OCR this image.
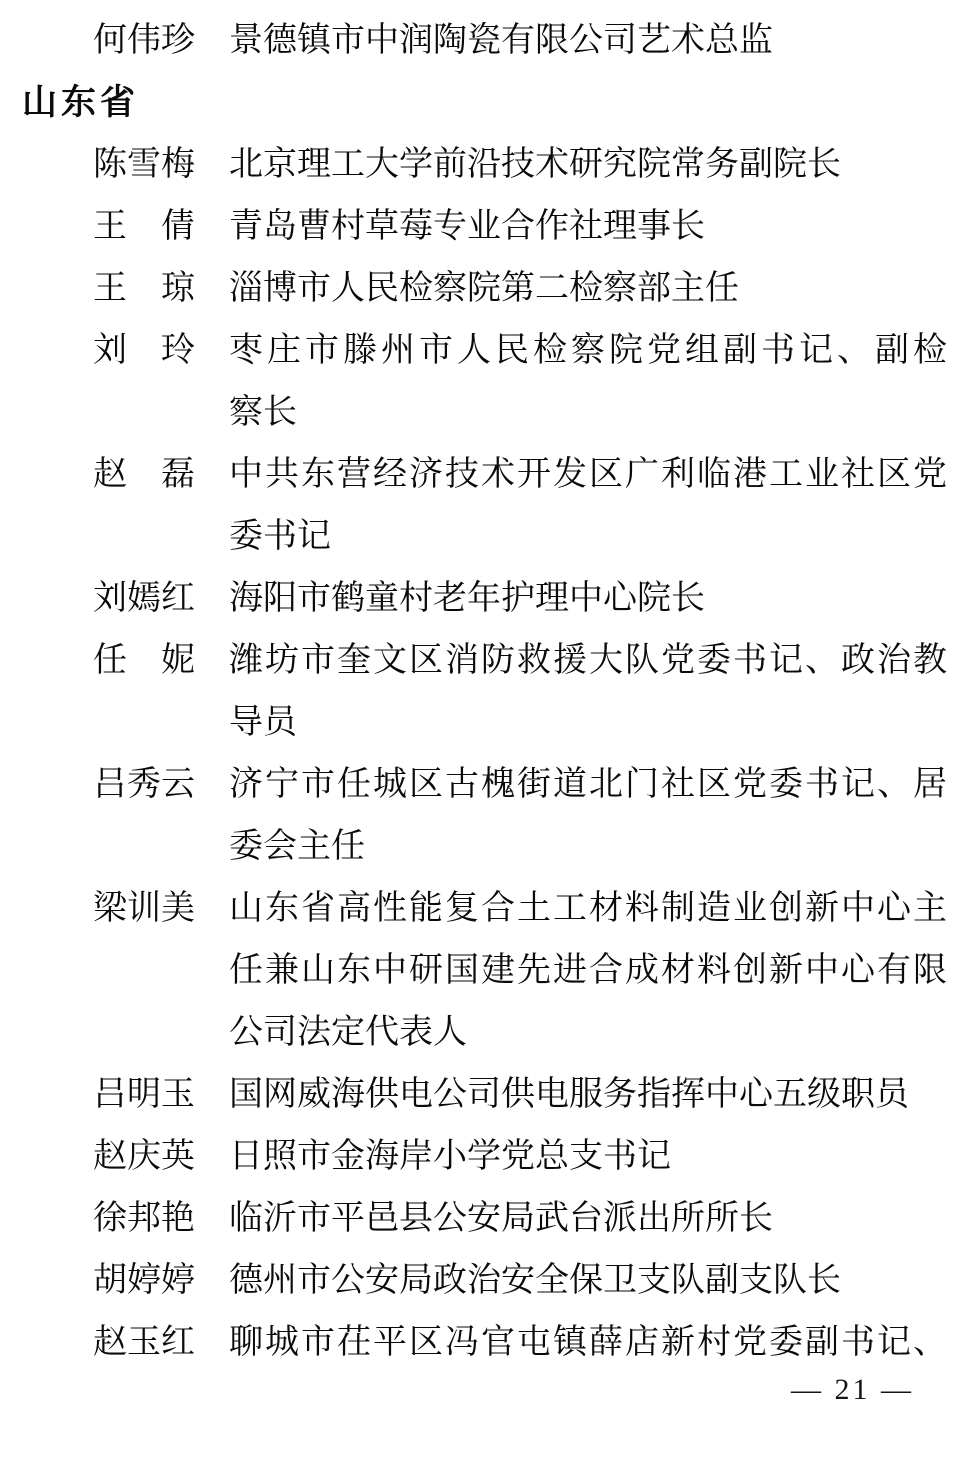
何伟珍 景德镇市中润陶瓷有限公司艺术总监
山东省
陈雪梅 北京理工大学前沿技术研究院常务副院长
王倩 青岛曹村草莓专业合作社理事长
王琼 淄博市人民检察院第二检察部主任
刘玲 枣庄市滕州市人民检察院党组副书记、副检
察长
赵磊 中共东营经济技术开发区广利临港工业社区党
委书记
刘嫣红 海阳市鹤童村老年护理中心院长
任妮 潍坊市奎文区消防救援大队党委书记、政治教
导员
吕秀云 济宁市任城区古槐街道北门社区党委书记、居
委会主任
梁训美 山东省高性能复合土工材料制造业创新中心主
任兼山东中研国建先进合成材料创新中心有限
公司法定代表人
吕明玉 国网威海供电公司供电服务指挥中心五级职员
赵庆英 日照市金海岸小学党总支书记
徐邦艳 临沂市平邑县公安局武台派出所所长
胡婷婷 德州市公安局政治安全保卫支队副支队长
赵玉红 聊城市茌平区冯官屯镇薛店新村党委副书记、
— 21 —
